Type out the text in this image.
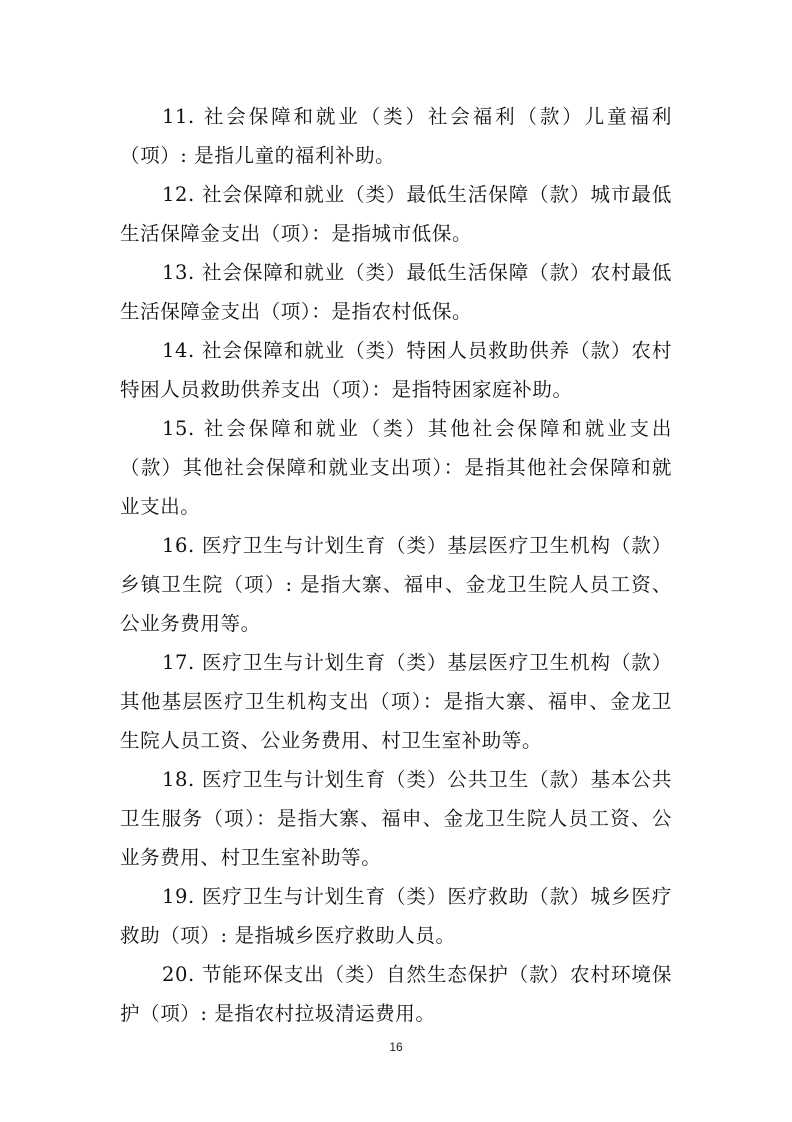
11. 社会保障和就业（类）社会福利（款）儿童福利（项）: 是指儿童的福利补助。

12. 社会保障和就业（类）最低生活保障（款）城市最低生活保障金支出（项）：是指城市低保。

13. 社会保障和就业（类）最低生活保障（款）农村最低生活保障金支出（项）：是指农村低保。

14. 社会保障和就业（类）特困人员救助供养（款）农村特困人员救助供养支出（项）：是指特困家庭补助。

15. 社会保障和就业（类）其他社会保障和就业支出（款）其他社会保障和就业支出项）：是指其他社会保障和就业支出。

16. 医疗卫生与计划生育（类）基层医疗卫生机构（款）乡镇卫生院（项）: 是指大寨、福申、金龙卫生院人员工资、公业务费用等。

17. 医疗卫生与计划生育（类）基层医疗卫生机构（款）其他基层医疗卫生机构支出（项）：是指大寨、福申、金龙卫生院人员工资、公业务费用、村卫生室补助等。

18. 医疗卫生与计划生育（类）公共卫生（款）基本公共卫生服务（项）：是指大寨、福申、金龙卫生院人员工资、公业务费用、村卫生室补助等。

19. 医疗卫生与计划生育（类）医疗救助（款）城乡医疗救助（项）: 是指城乡医疗救助人员。

20. 节能环保支出（类）自然生态保护（款）农村环境保护（项）: 是指农村拉圾清运费用。

16
